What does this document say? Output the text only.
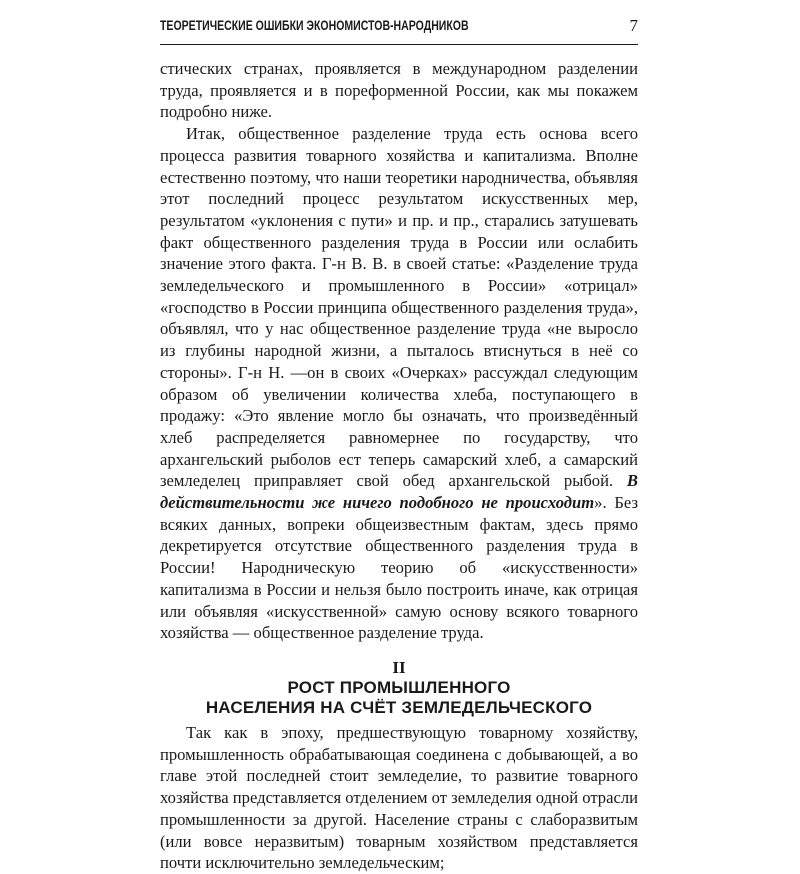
ТЕОРЕТИЧЕСКИЕ ОШИБКИ ЭКОНОМИСТОВ-НАРОДНИКОВ	7

стических странах, проявляется в международном разделении труда, проявляется и в пореформенной России, как мы покажем подробно ниже.

Итак, общественное разделение труда есть основа всего процесса развития товарного хозяйства и капитализма. Вполне естественно поэтому, что наши теоретики народничества, объявляя этот последний процесс результатом искусственных мер, результатом «уклонения с пути» и пр. и пр., старались затушевать факт общественного разделения труда в России или ослабить значение этого факта. Г-н В. В. в своей статье: «Разделение труда земледельческого и промышленного в России» «отрицал» «господство в России принципа общественного разделения труда», объявлял, что у нас общественное разделение труда «не выросло из глубины народной жизни, а пыталось втиснуться в неё со стороны». Г-н Н. —он в своих «Очерках» рассуждал следующим образом об увеличении количества хлеба, поступающего в продажу: «Это явление могло бы означать, что произведённый хлеб распределяется равномернее по государству, что архангельский рыболов ест теперь самарский хлеб, а самарский земледелец приправляет свой обед архангельской рыбой. В действительности же ничего подобного не происходит». Без всяких данных, вопреки общеизвестным фактам, здесь прямо декретируется отсутствие общественного разделения труда в России! Народническую теорию об «искусственности» капитализма в России и нельзя было построить иначе, как отрицая или объявляя «искусственной» самую основу всякого товарного хозяйства — общественное разделение труда.

II
РОСТ ПРОМЫШЛЕННОГО
НАСЕЛЕНИЯ НА СЧЁТ ЗЕМЛЕДЕЛЬЧЕСКОГО

Так как в эпоху, предшествующую товарному хозяйству, промышленность обрабатывающая соединена с добывающей, а во главе этой последней стоит земледелие, то развитие товарного хозяйства представляется отделением от земледелия одной отрасли промышленности за другой. Население страны с слаборазвитым (или вовсе неразвитым) товарным хозяйством представляется почти исключительно земледельческим;
